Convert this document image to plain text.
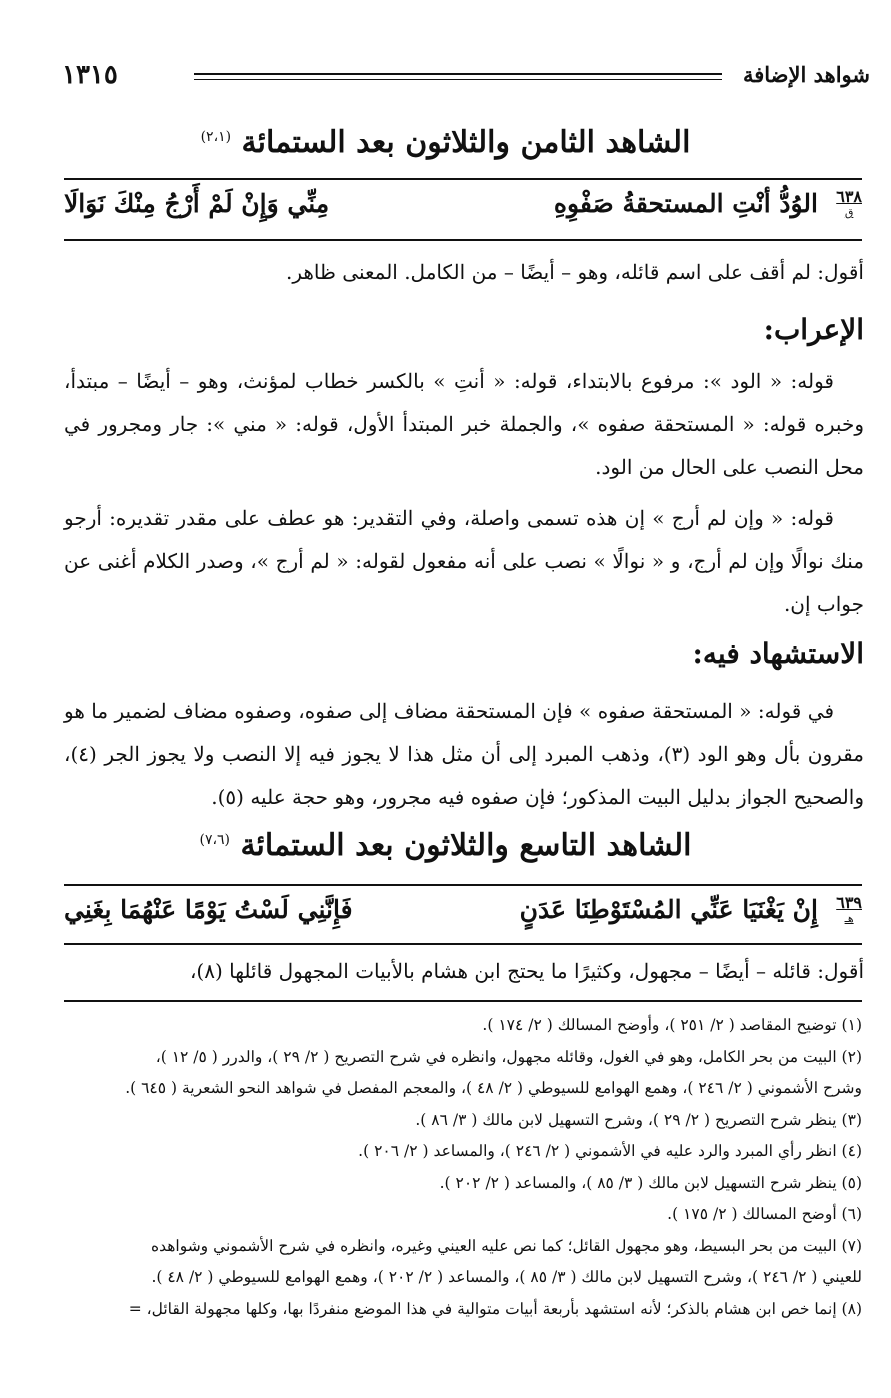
شواهد الإضافة
١٣١٥
الشاهد الثامن والثلاثون بعد الستمائة $^{(٢،١)}$
٦٣٨
ق
الوُدُّ أنْتِ المستحقةُ صَفْوِهِ
مِنِّي وَإِنْ لَمْ أَرْجُ مِنْكَ نَوَالَا
أقول: لم أقف على اسم قائله، وهو – أيضًا – من الكامل. المعنى ظاهر.
الإعراب:
قوله: « الود »: مرفوع بالابتداء، قوله: « أنتِ » بالكسر خطاب لمؤنث، وهو – أيضًا – مبتدأ، وخبره قوله: « المستحقة صفوه »، والجملة خبر المبتدأ الأول، قوله: « مني »: جار ومجرور في محل النصب على الحال من الود.
قوله: « وإن لم أرج » إن هذه تسمى واصلة، وفي التقدير: هو عطف على مقدر تقديره: أرجو منك نوالًا وإن لم أرج، و « نوالًا » نصب على أنه مفعول لقوله: « لم أرج »، وصدر الكلام أغنى عن جواب إن.
الاستشهاد فيه:
في قوله: « المستحقة صفوه » فإن المستحقة مضاف إلى صفوه، وصفوه مضاف لضمير ما هو مقرون بأل وهو الود (٣)، وذهب المبرد إلى أن مثل هذا لا يجوز فيه إلا النصب ولا يجوز الجر (٤)، والصحيح الجواز بدليل البيت المذكور؛ فإن صفوه فيه مجرور، وهو حجة عليه (٥).
الشاهد التاسع والثلاثون بعد الستمائة $^{(٧،٦)}$
٦٣٩
هـ
إِنْ يَغْنَيَا عَنِّي المُسْتَوْطِنَا عَدَنٍ
فَإِنَّنِي لَسْتُ يَوْمًا عَنْهُمَا بِغَنِي
أقول: قائله – أيضًا – مجهول، وكثيرًا ما يحتج ابن هشام بالأبيات المجهول قائلها (٨)،
(١) توضيح المقاصد ( ٢/ ٢٥١ )، وأوضح المسالك ( ٢/ ١٧٤ ).
(٢) البيت من بحر الكامل، وهو في الغول، وقائله مجهول، وانظره في شرح التصريح ( ٢/ ٢٩ )، والدرر ( ٥/ ١٢ )،
وشرح الأشموني ( ٢/ ٢٤٦ )، وهمع الهوامع للسيوطي ( ٢/ ٤٨ )، والمعجم المفصل في شواهد النحو الشعرية ( ٦٤٥ ).
(٣) ينظر شرح التصريح ( ٢/ ٢٩ )، وشرح التسهيل لابن مالك ( ٣/ ٨٦ ).
(٤) انظر رأي المبرد والرد عليه في الأشموني ( ٢/ ٢٤٦ )، والمساعد ( ٢/ ٢٠٦ ).
(٥) ينظر شرح التسهيل لابن مالك ( ٣/ ٨٥ )، والمساعد ( ٢/ ٢٠٢ ).
(٦) أوضح المسالك ( ٢/ ١٧٥ ).
(٧) البيت من بحر البسيط، وهو مجهول القائل؛ كما نص عليه العيني وغيره، وانظره في شرح الأشموني وشواهده
للعيني ( ٢/ ٢٤٦ )، وشرح التسهيل لابن مالك ( ٣/ ٨٥ )، والمساعد ( ٢/ ٢٠٢ )، وهمع الهوامع للسيوطي ( ٢/ ٤٨ ).
(٨) إنما خص ابن هشام بالذكر؛ لأنه استشهد بأربعة أبيات متوالية في هذا الموضع منفردًا بها، وكلها مجهولة القائل، =
